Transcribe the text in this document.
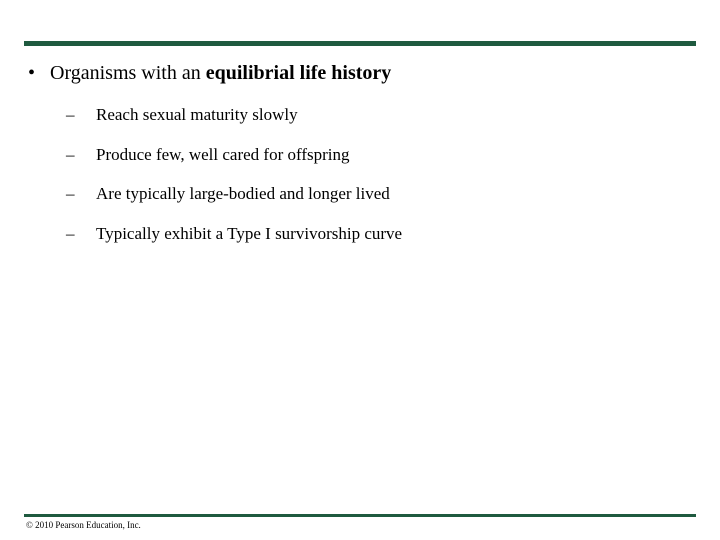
• Organisms with an equilibrial life history
– Reach sexual maturity slowly
– Produce few, well cared for offspring
– Are typically large-bodied and longer lived
– Typically exhibit a Type I survivorship curve
© 2010 Pearson Education, Inc.
